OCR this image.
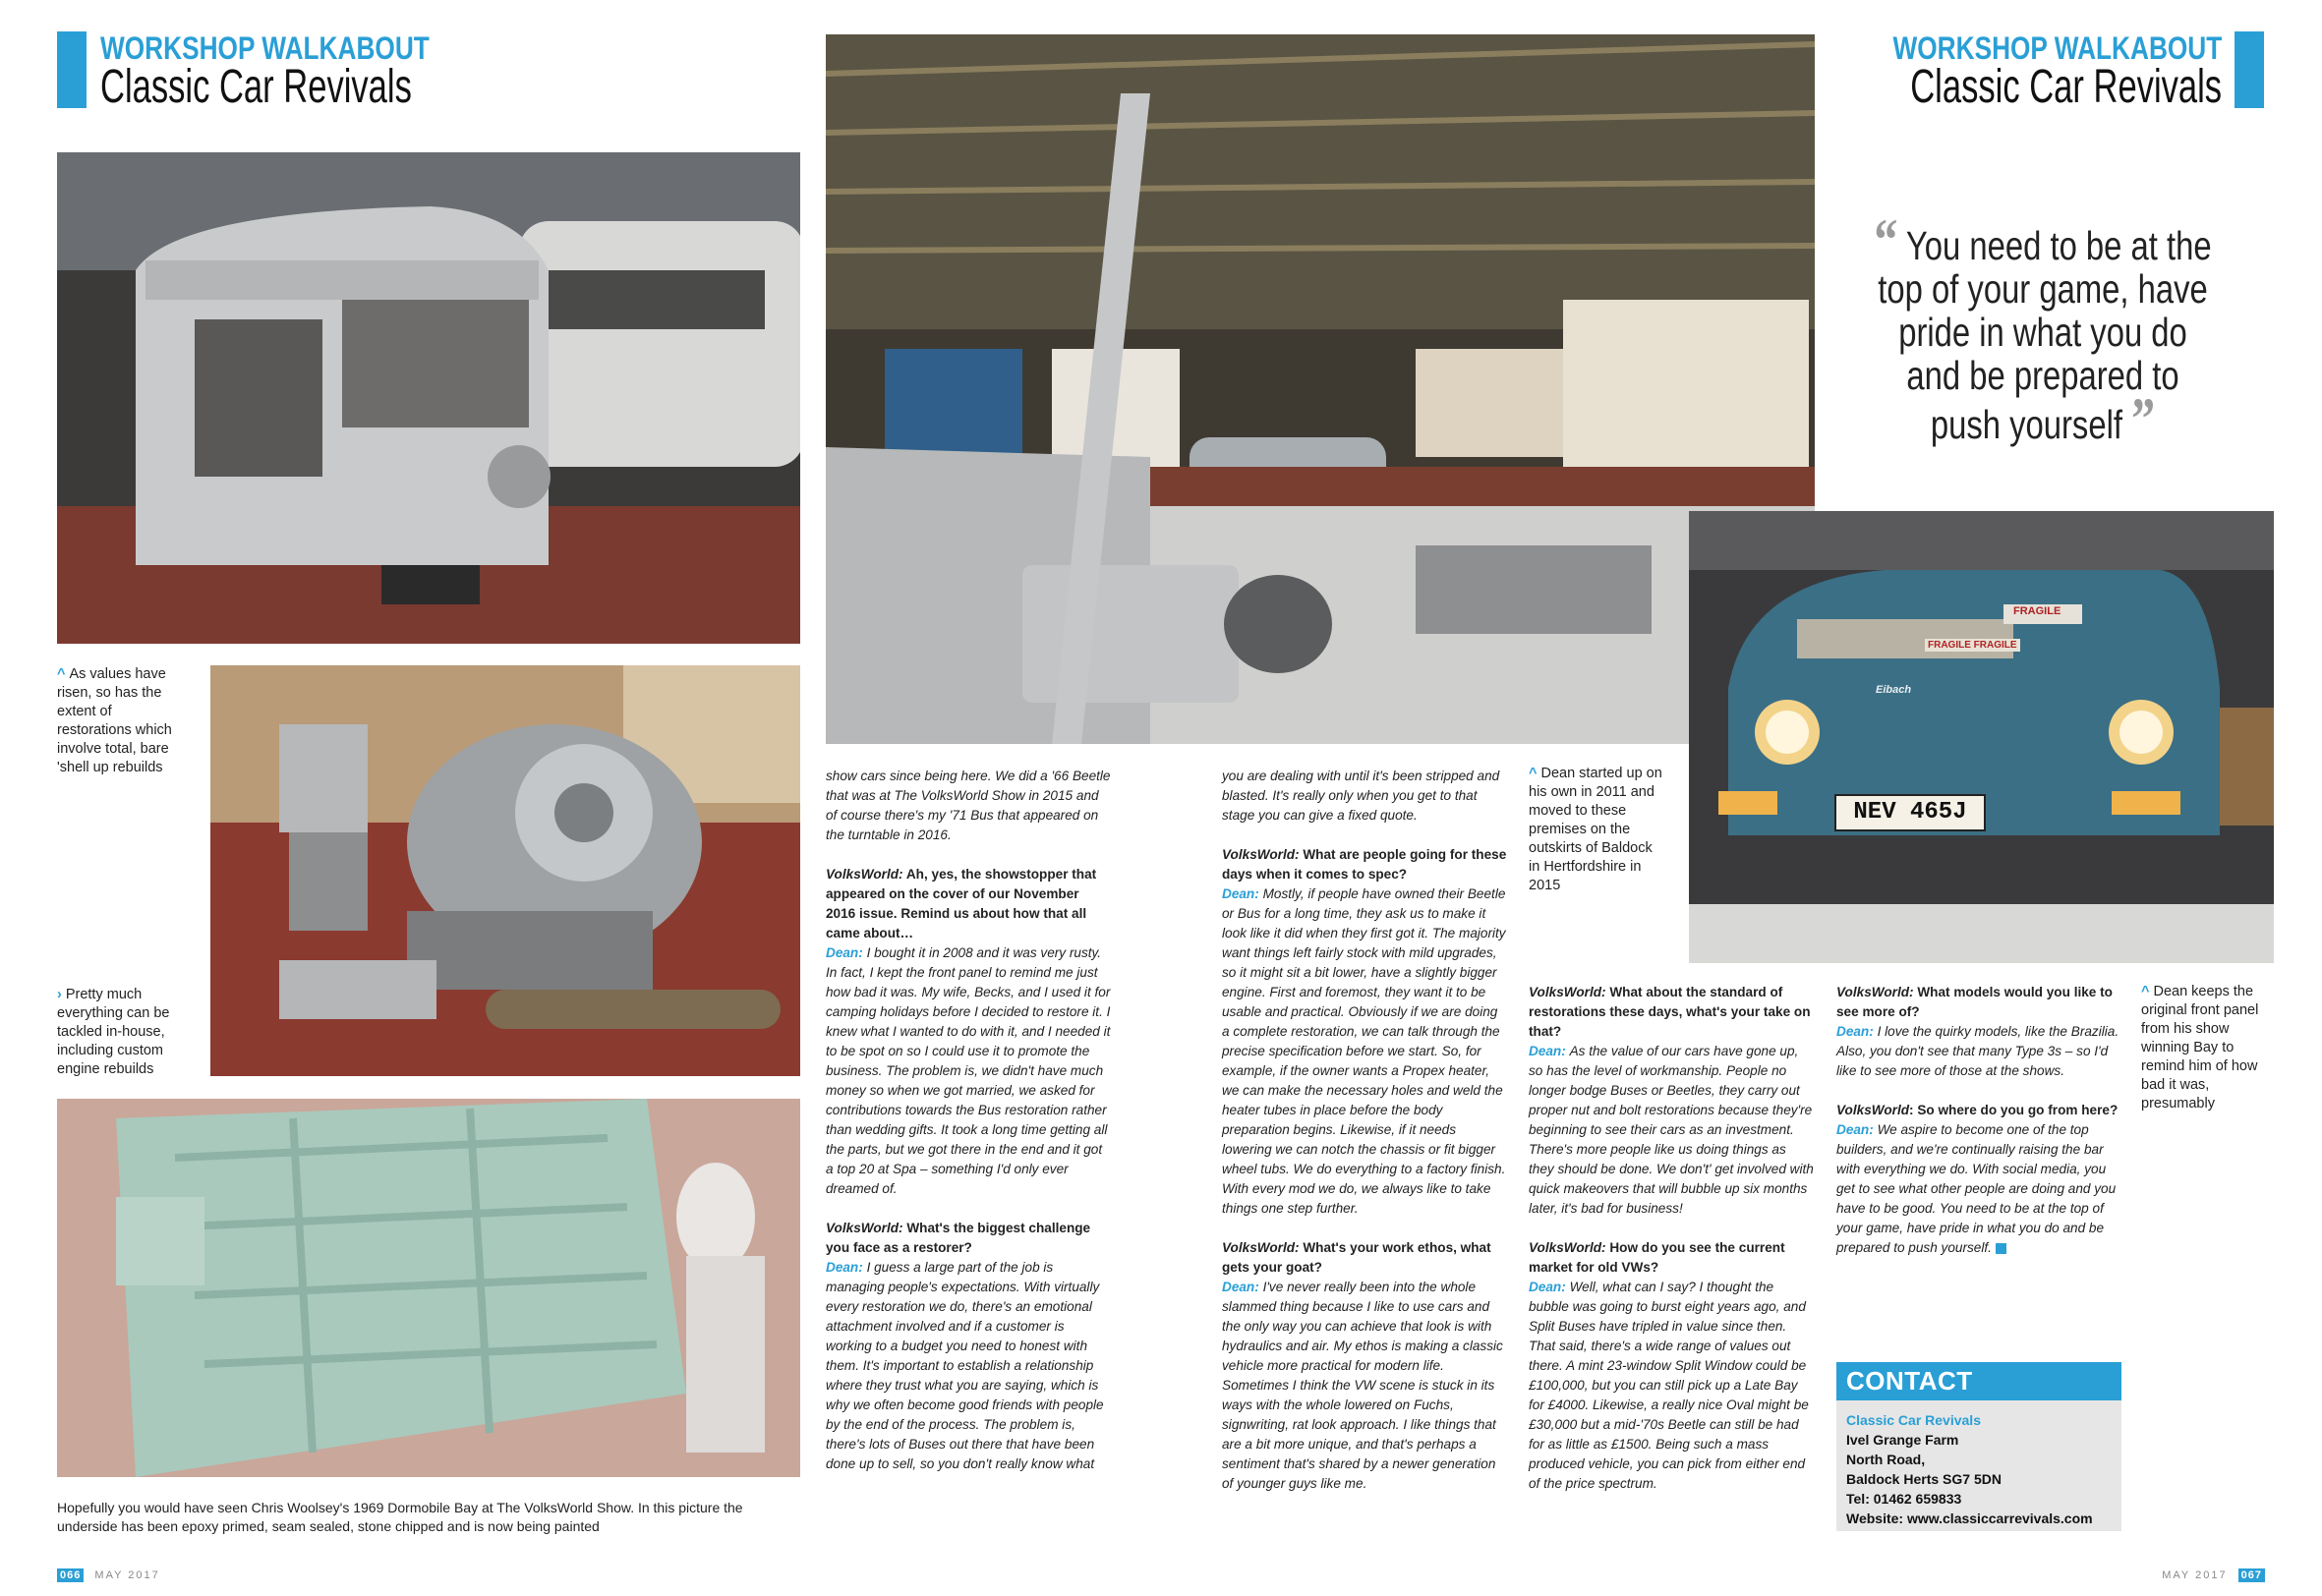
WORKSHOP WALKABOUT
Classic Car Revivals
WORKSHOP WALKABOUT
Classic Car Revivals
NEV 465J
FRAGILE
FRAGILE FRAGILE
Eibach
“ You need to be at the top of your game, have pride in what you do and be prepared to push yourself ”
^ As values have risen, so has the extent of restorations which involve total, bare 'shell up rebuilds
› Pretty much everything can be tackled in-house, including custom engine rebuilds
Hopefully you would have seen Chris Woolsey's 1969 Dormobile Bay at The VolksWorld Show. In this picture the underside has been epoxy primed, seam sealed, stone chipped and is now being painted
^ Dean started up on his own in 2011 and moved to these premises on the outskirts of Baldock in Hertfordshire in 2015
^ Dean keeps the original front panel from his show winning Bay to remind him of how bad it was, presumably

show cars since being here. We did a '66 Beetle that was at The VolksWorld Show in 2015 and of course there's my '71 Bus that appeared on the turntable in 2016.

VolksWorld: Ah, yes, the showstopper that appeared on the cover of our November 2016 issue. Remind us about how that all came about…
Dean: I bought it in 2008 and it was very rusty. In fact, I kept the front panel to remind me just how bad it was. My wife, Becks, and I used it for camping holidays before I decided to restore it. I knew what I wanted to do with it, and I needed it to be spot on so I could use it to promote the business. The problem is, we didn't have much money so when we got married, we asked for contributions towards the Bus restoration rather than wedding gifts. It took a long time getting all the parts, but we got there in the end and it got a top 20 at Spa – something I'd only ever dreamed of.

VolksWorld: What's the biggest challenge you face as a restorer?
Dean: I guess a large part of the job is managing people's expectations. With virtually every restoration we do, there's an emotional attachment involved and if a customer is working to a budget you need to honest with them. It's important to establish a relationship where they trust what you are saying, which is why we often become good friends with people by the end of the process. The problem is, there's lots of Buses out there that have been done up to sell, so you don't really know what

you are dealing with until it's been stripped and blasted. It's really only when you get to that stage you can give a fixed quote.

VolksWorld: What are people going for these days when it comes to spec?
Dean: Mostly, if people have owned their Beetle or Bus for a long time, they ask us to make it look like it did when they first got it. The majority want things left fairly stock with mild upgrades, so it might sit a bit lower, have a slightly bigger engine. First and foremost, they want it to be usable and practical. Obviously if we are doing a complete restoration, we can talk through the precise specification before we start. So, for example, if the owner wants a Propex heater, we can make the necessary holes and weld the heater tubes in place before the body preparation begins. Likewise, if it needs lowering we can notch the chassis or fit bigger wheel tubs. We do everything to a factory finish. With every mod we do, we always like to take things one step further.

VolksWorld: What's your work ethos, what gets your goat?
Dean: I've never really been into the whole slammed thing because I like to use cars and the only way you can achieve that look is with hydraulics and air. My ethos is making a classic vehicle more practical for modern life. Sometimes I think the VW scene is stuck in its ways with the whole lowered on Fuchs, signwriting, rat look approach. I like things that are a bit more unique, and that's perhaps a sentiment that's shared by a newer generation of younger guys like me.

VolksWorld: What about the standard of restorations these days, what's your take on that?
Dean: As the value of our cars have gone up, so has the level of workmanship. People no longer bodge Buses or Beetles, they carry out proper nut and bolt restorations because they're beginning to see their cars as an investment. There's more people like us doing things as they should be done. We don't' get involved with quick makeovers that will bubble up six months later, it's bad for business!

VolksWorld: How do you see the current market for old VWs?
Dean: Well, what can I say? I thought the bubble was going to burst eight years ago, and Split Buses have tripled in value since then. That said, there's a wide range of values out there. A mint 23-window Split Window could be £100,000, but you can still pick up a Late Bay for £4000. Likewise, a really nice Oval might be £30,000 but a mid-'70s Beetle can still be had for as little as £1500. Being such a mass produced vehicle, you can pick from either end of the price spectrum.

VolksWorld: What models would you like to see more of?
Dean: I love the quirky models, like the Brazilia. Also, you don't see that many Type 3s – so I'd like to see more of those at the shows.

VolksWorld: So where do you go from here?
Dean: We aspire to become one of the top builders, and we're continually raising the bar with everything we do. With social media, you get to see what other people are doing and you have to be good. You need to be at the top of your game, have pride in what you do and be prepared to push yourself.

CONTACT
Classic Car Revivals
Ivel Grange Farm
North Road,
Baldock Herts SG7 5DN
Tel: 01462 659833
Website: www.classiccarrevivals.com
066 MAY 2017	MAY 2017 067
